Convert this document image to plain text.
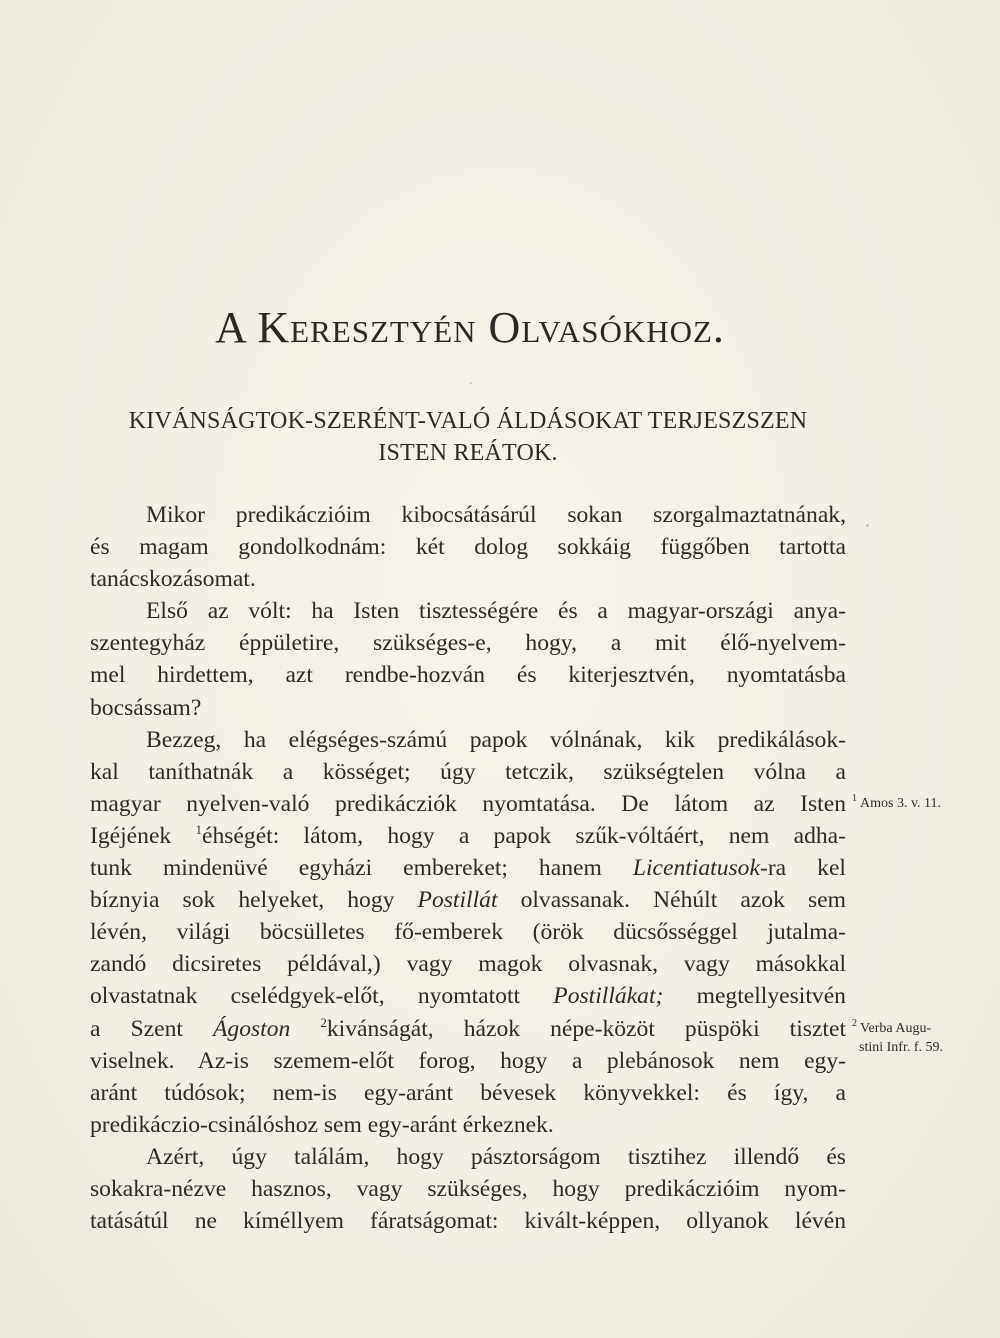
A Keresztyén Olvasókhoz.
KIVÁNSÁGTOK-SZERÉNT-VALÓ ÁLDÁSOKAT TERJESZSZEN
ISTEN REÁTOK.
Mikor predikáczióim kibocsátásárúl sokan szorgalmaztatnának,
és magam gondolkodnám: két dolog sokkáig függőben tartotta
tanácskozásomat.
Első az vólt: ha Isten tisztességére és a magyar-országi anya-
szentegyház éppületire, szükséges-e, hogy, a mit élő-nyelvem-
mel hirdettem, azt rendbe-hozván és kiterjesztvén, nyomtatásba
bocsássam?
Bezzeg, ha elégséges-számú papok vólnának, kik predikálások-
kal taníthatnák a kösséget; úgy tetczik, szükségtelen vólna a
magyar nyelven-való predikácziók nyomtatása. De látom az Isten
Igéjének $^1$éhségét: látom, hogy a papok szűk-vóltáért, nem adha-
tunk mindenüvé egyházi embereket; hanem Licentiatusok-ra kel
bíznyia sok helyeket, hogy Postillát olvassanak. Néhúlt azok sem
lévén, világi böcsülletes fő-emberek (örök dücsősséggel jutalma-
zandó dicsiretes példával,) vagy magok olvasnak, vagy másokkal
olvastatnak cselédgyek-előt, nyomtatott Postillákat; megtellyesitvén
a Szent Ágoston $^2$kivánságát, házok népe-közöt püspöki tisztet
viselnek. Az-is szemem-előt forog, hogy a plebánosok nem egy-
aránt túdósok; nem-is egy-aránt bévesek könyvekkel: és így, a
predikáczio-csinálóshoz sem egy-aránt érkeznek.
Azért, úgy találám, hogy pásztorságom tisztihez illendő és
sokakra-nézve hasznos, vagy szükséges, hogy predikáczióim nyom-
tatásátúl ne kíméllyem fáratságomat: kivált-képpen, ollyanok lévén
$^1$ Amos 3. v. 11.
$^2$ Verba Augu-
stini Infr. f. 59.
